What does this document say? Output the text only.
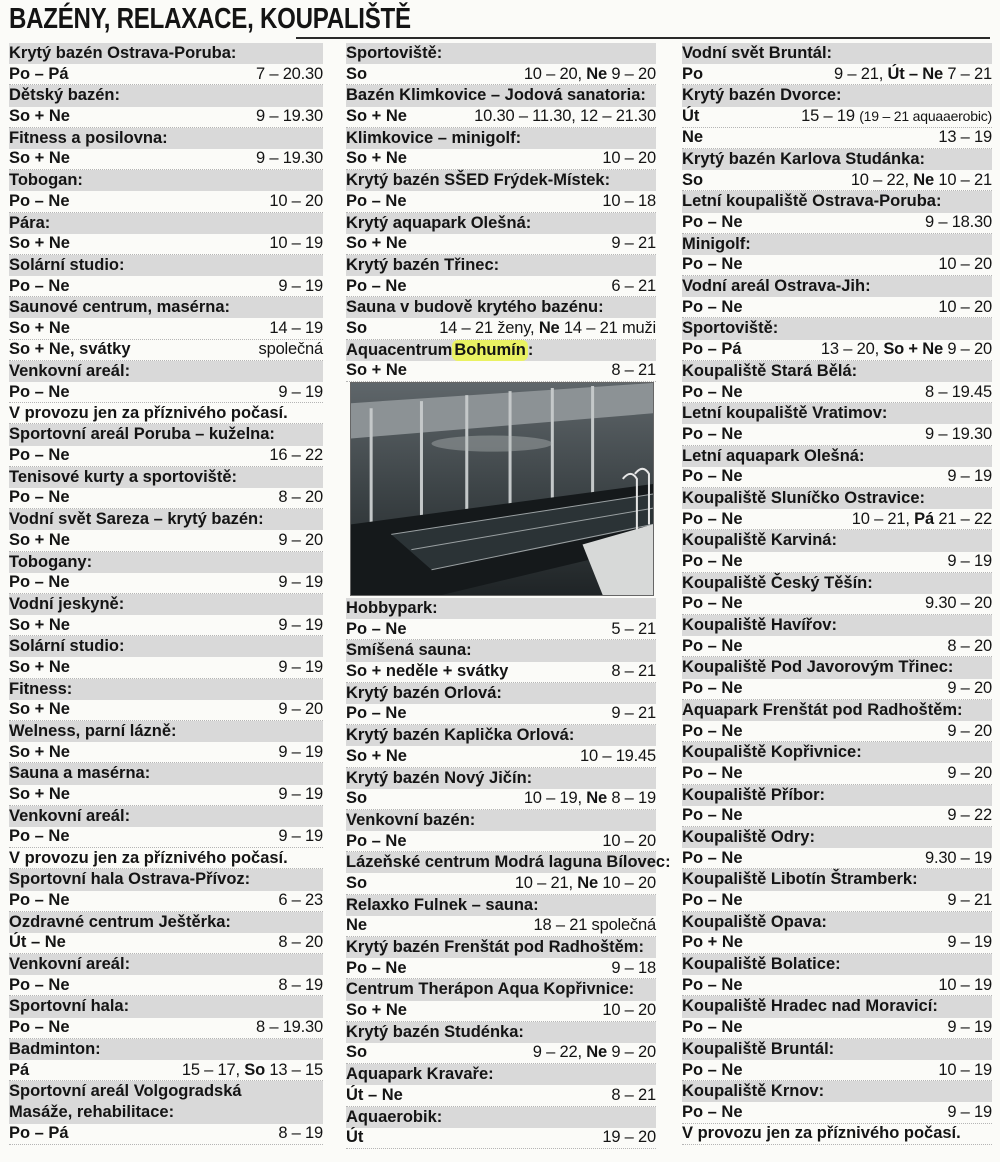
BAZÉNY, RELAXACE, KOUPALIŠTĚ
Krytý bazén Ostrava-Poruba:
Po – Pá	7 – 20.30
Dětský bazén:
So + Ne	9 – 19.30
Fitness a posilovna:
So + Ne	9 – 19.30
Tobogan:
Po – Ne	10 – 20
Pára:
So + Ne	10 – 19
Solární studio:
Po – Ne	9 – 19
Saunové centrum, masérna:
So + Ne	14 – 19
So + Ne, svátky	společná
Venkovní areál:
Po – Ne	9 – 19
V provozu jen za příznivého počasí.
Sportovní areál Poruba – kuželna:
Po – Ne	16 – 22
Tenisové kurty a sportoviště:
Po – Ne	8 – 20
Vodní svět Sareza – krytý bazén:
So + Ne	9 – 20
Tobogany:
Po – Ne	9 – 19
Vodní jeskyně:
So + Ne	9 – 19
Solární studio:
So + Ne	9 – 19
Fitness:
So + Ne	9 – 20
Welness, parní lázně:
So + Ne	9 – 19
Sauna a masérna:
So + Ne	9 – 19
Venkovní areál:
Po – Ne	9 – 19
V provozu jen za příznivého počasí.
Sportovní hala Ostrava-Přívoz:
Po – Ne	6 – 23
Ozdravné centrum Ještěrka:
Út – Ne	8 – 20
Venkovní areál:
Po – Ne	8 – 19
Sportovní hala:
Po – Ne	8 – 19.30
Badminton:
Pá	15 – 17, So 13 – 15
Sportovní areál Volgogradská
Masáže, rehabilitace:
Po – Pá	8 – 19
Sportoviště:
So	10 – 20, Ne 9 – 20
Bazén Klimkovice – Jodová sanatoria:
So + Ne	10.30 – 11.30, 12 – 21.30
Klimkovice – minigolf:
So + Ne	10 – 20
Krytý bazén SŠED Frýdek-Místek:
Po – Ne	10 – 18
Krytý aquapark Olešná:
So + Ne	9 – 21
Krytý bazén Třinec:
Po – Ne	6 – 21
Sauna v budově krytého bazénu:
So	14 – 21 ženy, Ne 14 – 21 muži
Aquacentrum Bohumín :
So + Ne	8 – 21
Hobbypark:
Po – Ne	5 – 21
Smíšená sauna:
So + neděle + svátky	8 – 21
Krytý bazén Orlová:
Po – Ne	9 – 21
Krytý bazén Kaplička Orlová:
So + Ne	10 – 19.45
Krytý bazén Nový Jičín:
So	10 – 19, Ne 8 – 19
Venkovní bazén:
Po – Ne	10 – 20
Lázeňské centrum Modrá laguna Bílovec:
So	10 – 21, Ne 10 – 20
Relaxko Fulnek – sauna:
Ne	18 – 21 společná
Krytý bazén Frenštát pod Radhoštěm:
Po – Ne	9 – 18
Centrum Therápon Aqua Kopřivnice:
So + Ne	10 – 20
Krytý bazén Studénka:
So	9 – 22, Ne 9 – 20
Aquapark Kravaře:
Út – Ne	8 – 21
Aquaerobik:
Út	19 – 20
Vodní svět Bruntál:
Po	9 – 21, Út – Ne 7 – 21
Krytý bazén Dvorce:
Út	15 – 19 (19 – 21 aquaaerobic)
Ne	13 – 19
Krytý bazén Karlova Studánka:
So	10 – 22, Ne 10 – 21
Letní koupaliště Ostrava-Poruba:
Po – Ne	9 – 18.30
Minigolf:
Po – Ne	10 – 20
Vodní areál Ostrava-Jih:
Po – Ne	10 – 20
Sportoviště:
Po – Pá	13 – 20, So + Ne 9 – 20
Koupaliště Stará Bělá:
Po – Ne	8 – 19.45
Letní koupaliště Vratimov:
Po – Ne	9 – 19.30
Letní aquapark Olešná:
Po – Ne	9 – 19
Koupaliště Sluníčko Ostravice:
Po – Ne	10 – 21, Pá 21 – 22
Koupaliště Karviná:
Po – Ne	9 – 19
Koupaliště Český Těšín:
Po – Ne	9.30 – 20
Koupaliště Havířov:
Po – Ne	8 – 20
Koupaliště Pod Javorovým Třinec:
Po – Ne	9 – 20
Aquapark Frenštát pod Radhoštěm:
Po – Ne	9 – 20
Koupaliště Kopřivnice:
Po – Ne	9 – 20
Koupaliště Příbor:
Po – Ne	9 – 22
Koupaliště Odry:
Po – Ne	9.30 – 19
Koupaliště Libotín Štramberk:
Po – Ne	9 – 21
Koupaliště Opava:
Po + Ne	9 – 19
Koupaliště Bolatice:
Po – Ne	10 – 19
Koupaliště Hradec nad Moravicí:
Po – Ne	9 – 19
Koupaliště Bruntál:
Po – Ne	10 – 19
Koupaliště Krnov:
Po – Ne	9 – 19
V provozu jen za příznivého počasí.
